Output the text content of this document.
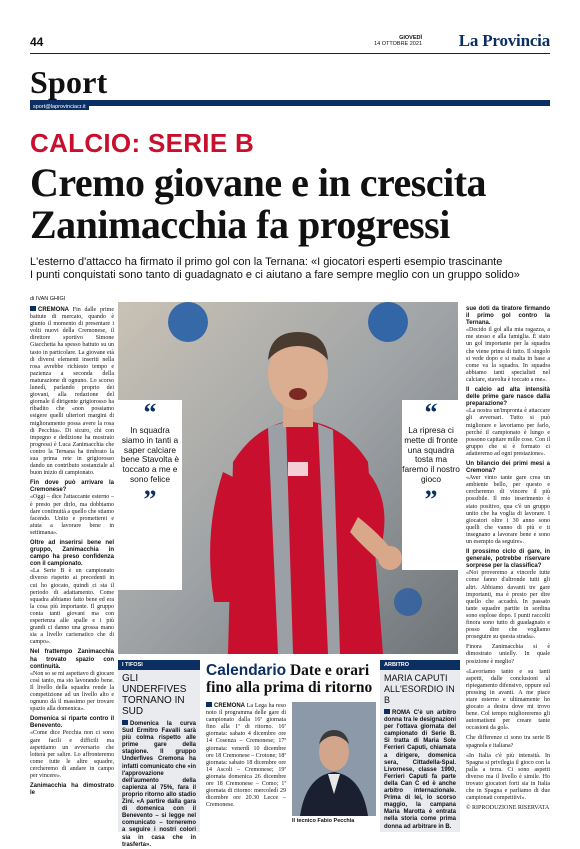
44	GIOVEDÌ
14 OTTOBRE 2021 La Provincia
Sport
sport@laprovinciacr.it
CALCIO: SERIE B
Cremo giovane e in crescita
Zanimacchia fa progressi
L'esterno d'attacco ha firmato il primo gol con la Ternana: «I giocatori esperti esempio trascinante
I punti conquistati sono tanto di guadagnato e ci aiutano a fare sempre meglio con un gruppo solido»
di IVAN GHIGI
CREMONA Fin dalle prime battute di mercato, quando è giunto il momento di presentare i volti nuovi della Cremonese, il direttore sportivo Simone Giacchetta ha spesso battuto su un tasto in particolare. La giovane età di diversi elementi inseriti nella rosa avrebbe richiesto tempo e pazienza a seconda della maturazione di ognuno. Lo scorso lunedì, parlando proprio dei giovani, alla redazione del giornale il dirigente grigiorosso ha ribadito che «non possiamo esigere quelli ulteriori margini di miglioramento possa avere la rosa di Pecchia». Di sicuro, chi con impegno e dedizione ha mostrato progressi è Luca Zanimacchia che contro la Ternana ha timbrato la sua prima rete in grigiorosso dando un contributo sostanziale al buon inizio di campionato.
Fin dove può arrivare la Cremonese?
«Oggi – dice l'attaccante esterno – è presto per dirlo, ma dobbiamo dare continuità a quello che stiamo facendo. Unito e prometterei e aiuta a lavorare bene in settimana».
Oltre ad inserirsi bene nel gruppo, Zanimacchia in campo ha preso confidenza con il campionato.
«La Serie B è un campionato diverso rispetto ai precedenti in cui ho giocato, quindi ci sta il periodo di adattamento. Come squadra abbiamo fatto bene ed era la cosa più importante. Il gruppo conta tanti giovani ma con esperienza alle spalle e i più grandi ci danno una grossa mano sia a livello carismatico che di campo».
Nel frattempo Zanimacchia ha trovato spazio con continuità.
«Non so se mi aspettavo di giocare così tanto, ma sto lavorando bene. Il livello della squadra rende la competizione ad un livello alto e ognuno dà il massimo per trovare spazio alla domenica».
Domenica si riparte contro il Benevento.
«Come dice Pecchia non ci sono gare facili e difficili ma aspettiamo un avversario che lotterà per salire. Lo affronteremo come tutte le altre squadre, cercheremo di andare in campo per vincere».
Zanimacchia ha dimostrato le
“
In squadra siamo in tanti a saper calciare bene Stavolta è toccato a me e sono felice
”
“
La ripresa ci mette di fronte una squadra tosta ma faremo il nostro gioco
”
sue doti da tiratore firmando il primo gol contro la Ternana.
«Decido il gol alla mia ragazza, a me stesso e alla famiglia. È stato un gol importante per la squadra che viene prima di tutto. Il singolo si vede dopo e si esalta in base a come va la squadra. In squadra abbiamo tanti specialisti nel calciare, stavolta è toccato a me».
Il calcio ad alta intensità delle prime gare nasce dalla preparazione?
«La nostra un'impronta è attaccare gli avversari. Tutto si può migliorare e lavoriamo per farlo, perché il campionato è lungo e possono capitare mille cose. Con il gruppo che si è formato ci adatteremo ad ogni prestazione».
Un bilancio dei primi mesi a Cremona?
«Aver vinto tante gare crea un ambiente bello, per questo e cercheremo di vincere il più possibile. Il mio inserimento è stato positivo, qua c'è un gruppo unito che ha voglia di lavorare. I giocatori oltre i 30 anno sono quelli che vanno di più e ti insegnano a lavorare bene e sono un esempio da seguire».
Il prossimo ciclo di gare, in generale, potrebbe riservare sorprese per la classifica?
«Noi proveremo a vincerle tutte come fanno d'altronde tutti gli altri. Abbiamo davanti tre gare importanti, ma è presto per dire quello che accadrà. In passato tante squadre partite in sordina sono esplose dopo. I punti raccolti finora sono tutto di guadagnato e posso dire che vogliamo proseguire su questa strada».
Finora Zanimacchia si è dimostrato unielly. In quale posizione è meglio?
«Lavoriamo tanto e su tanti aspetti, dalle conclusioni al ripiegamento difensivo, oppure sul pressing in avanti. A me piace stare esterno e ultimamente ho giocato a destra dove mi trovo bene. Col tempo miglioreremo gli automatismi per creare tante occasioni da gol».
Che differenze ci sono tra serie B spagnola e italiana?
«In Italia c'è più intensità. In Spagna si privilegia il gioco con la palla a terra. Ci sono aspetti diverso ma il livello è simile. Ho trovato giocatori forti sia in Italia che in Spagna e parliamo di due campionati competitivi».
© RIPRODUZIONE RISERVATA
I TIFOSI
GLI UNDERFIVES TORNANO IN SUD
Domenica la curva Sud Ermitro Favalli sarà più colma rispetto alle prime gare della stagione. Il gruppo Underfives Cremona ha infatti comunicato che «in l'approvazione dell'aumento della capienza al 75%, fara il proprio ritorno allo stadio Zini. «A partire dalla gara di domenica con il Benevento – si legge nel comunicato – torneremo a seguire i nostri colori sia in casa che in trasferta».
Calendario Date e orari
fino alla prima di ritorno
CREMONA La Lega ha reso noto il programma delle gare di campionato dalla 16ª giornata fino alla 1ª di ritorno. 16ª giornata: sabato 4 dicembre ore 14 Cosenza – Cremonese; 17ª giornata: venerdì 10 dicembre ore 18 Cremonese – Crotone; 18ª giornata: sabato 18 dicembre ore 14 Ascoli – Cremonese; 19ª giornata domenica 26 dicembre ore 18 Cremonese – Como; 1ª giornata di ritorno: mercoledì 29 dicembre ore 20.30 Lecce – Cremonese.
Il tecnico Fabio Pecchia
ARBITRO
MARIA CAPUTI ALL'ESORDIO IN B
ROMA C'è un arbitro donna tra le designazioni per l'ottava giornata del campionato di Serie B. Si tratta di Maria Sole Ferrieri Caputi, chiamata a dirigere, domenica sera, Cittadella-Spal. Livornese, classe 1990, Ferrieri Caputi fa parte della Can C ed è anche arbitro internazionale. Prima di lei, lo scorso maggio, la campana Maria Marotta è entrata nella storia come prima donna ad arbitrare in B.
